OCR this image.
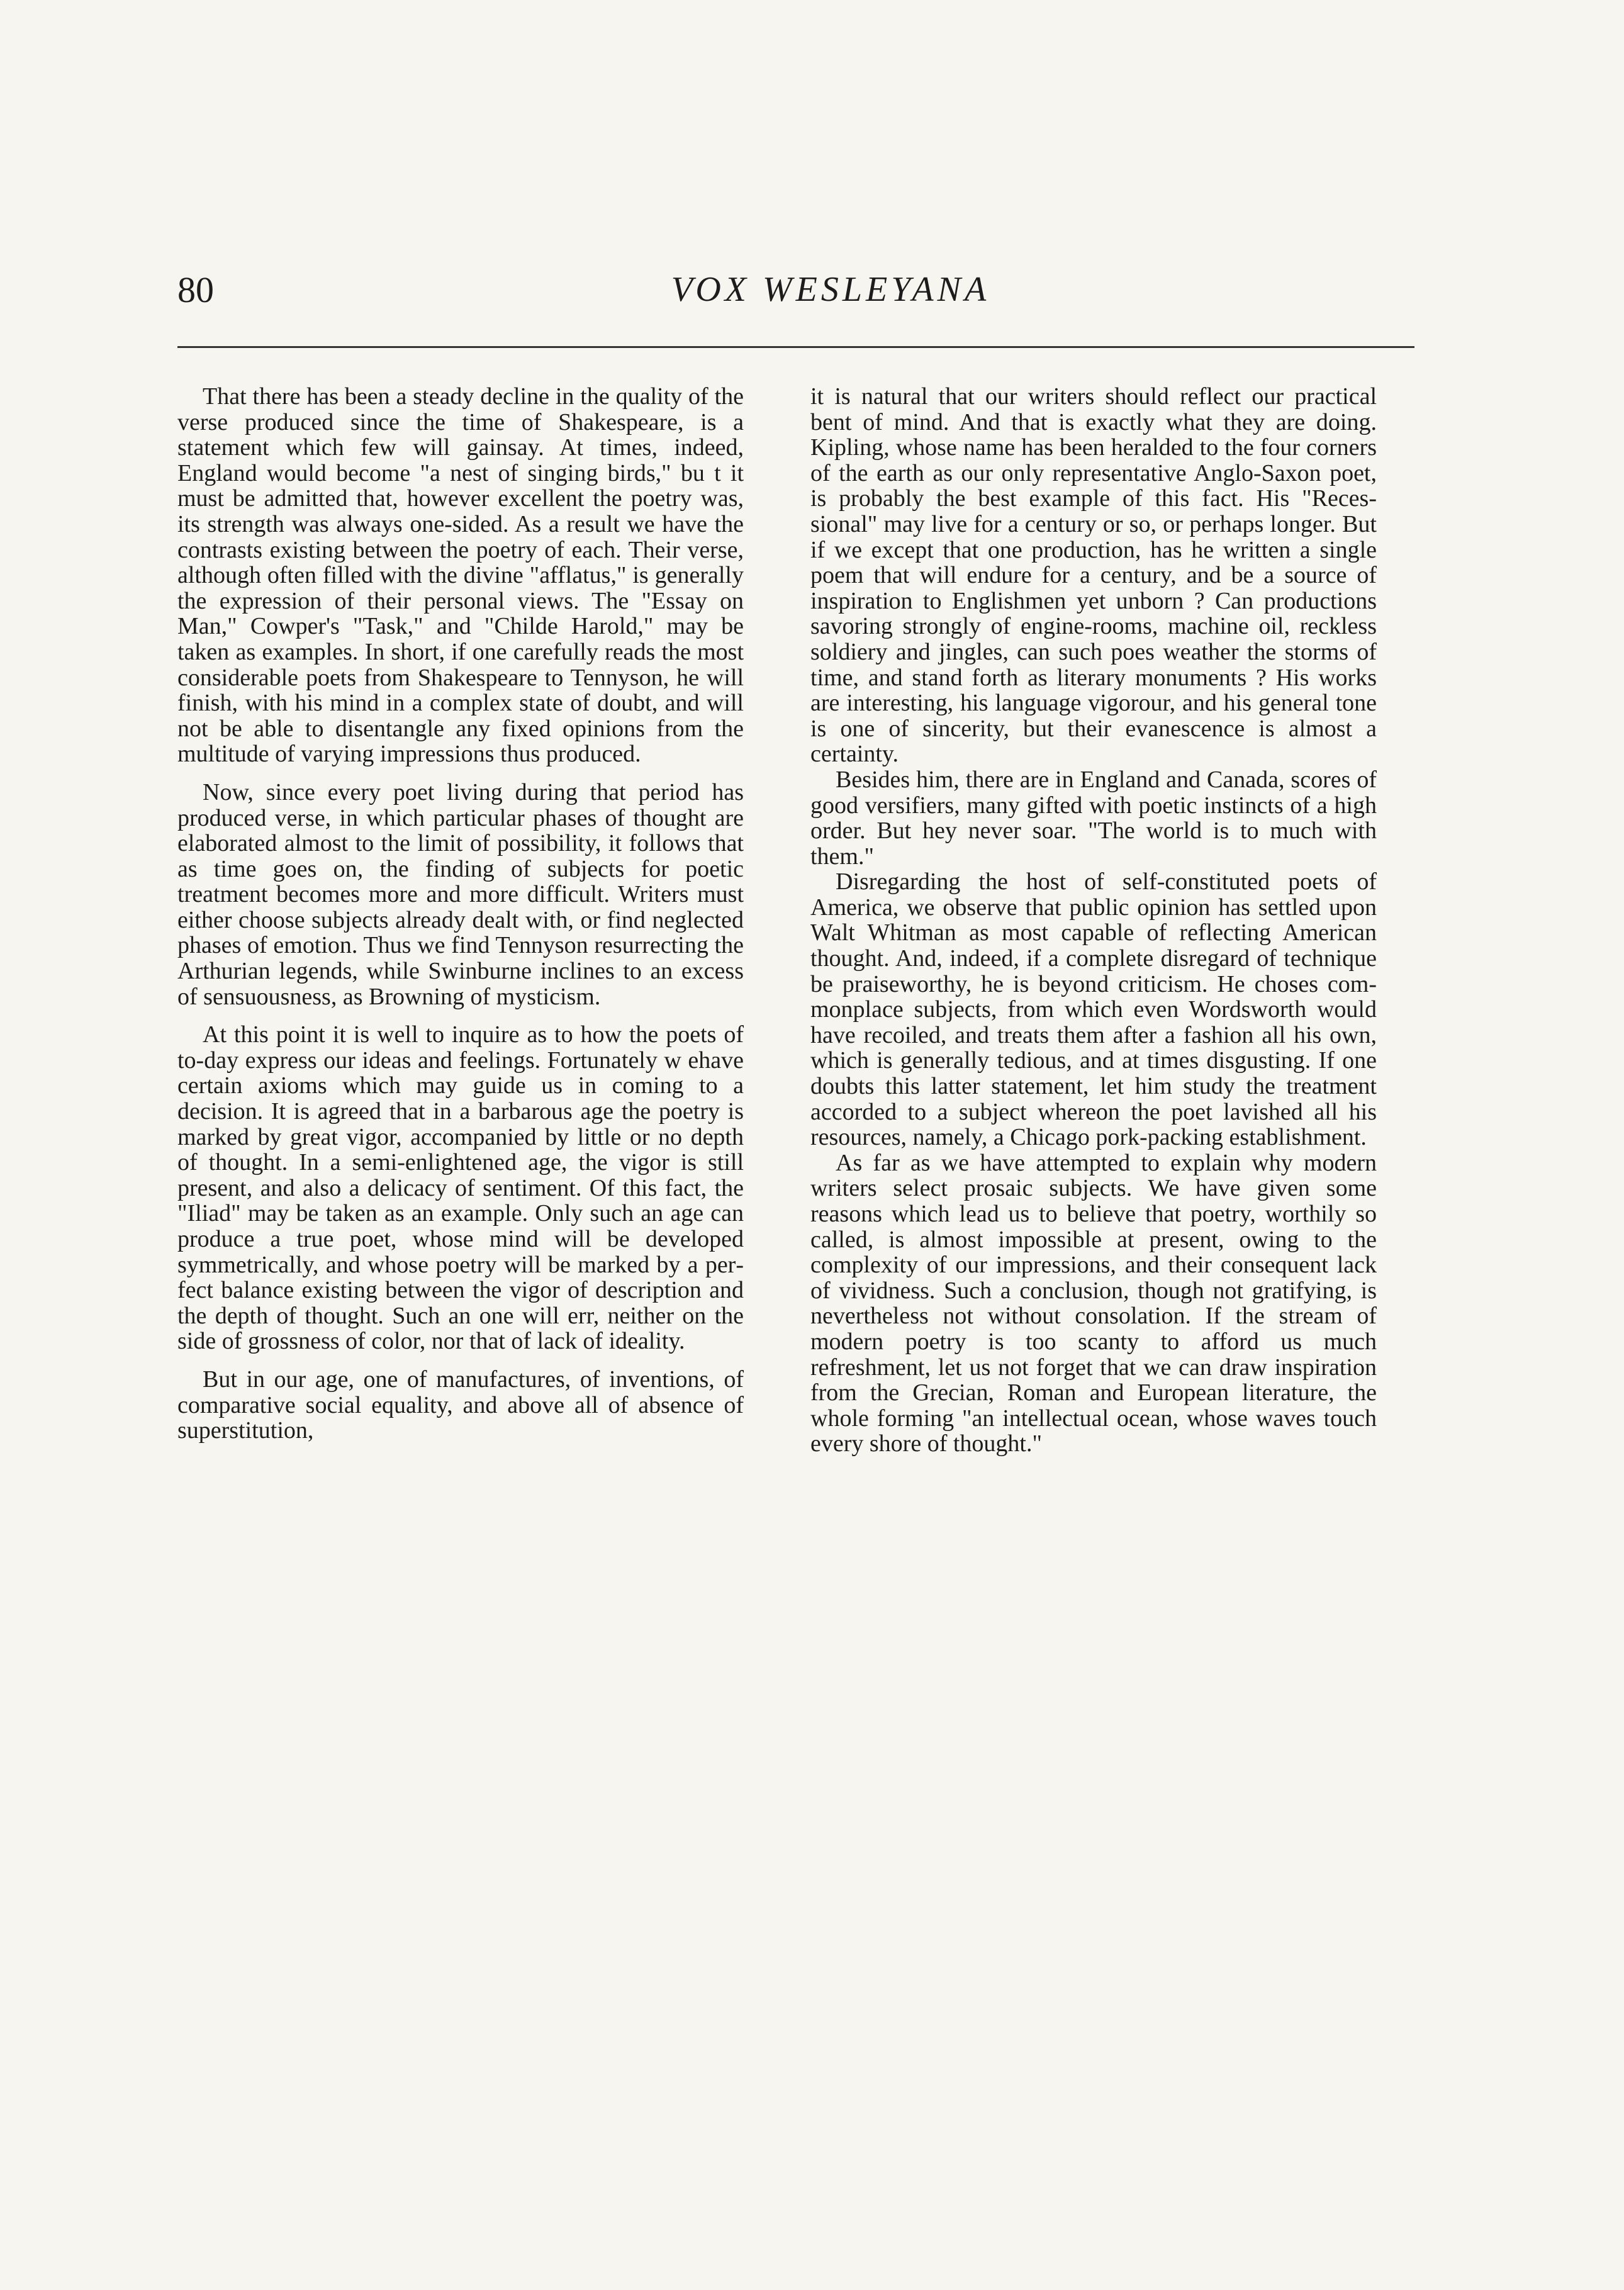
80	VOX WESLEYANA

That there has been a steady decline in the quality of the verse produced since the time of Shakespeare, is a statement which few will gainsay. At times, indeed, England would become "a nest of singing birds," bu t it must be admitted that, however excellent the poetry was, its strength was always one-sided. As a result we have the contrasts existing between the poetry of each. Their verse, although often filled with the divine "afflatus," is generally the expression of their personal views. The "Essay on Man," Cowper's "Task," and "Childe Harold," may be taken as examples. In short, if one carefully reads the most considerable poets from Shakespeare to Tennyson, he will finish, with his mind in a complex state of doubt, and will not be able to disentangle any fixed opinions from the multitude of varying impressions thus produced.

Now, since every poet living during that period has produced verse, in which particular phases of thought are elaborated almost to the limit of possibility, it follows that as time goes on, the finding of subjects for poetic treatment becomes more and more difficult. Writers must either choose subjects already dealt with, or find neglected phases of emotion. Thus we find Tennyson resurrecting the Arthurian legends, while Swinburne inclines to an excess of sensuousness, as Browning of mysticism.

At this point it is well to inquire as to how the poets of to-day express our ideas and feelings. Fortunately w ehave certain axioms which may guide us in coming to a decision. It is agreed that in a barbarous age the poetry is marked by great vigor, accompanied by little or no depth of thought. In a semi-enlightened age, the vigor is still present, and also a delicacy of sentiment. Of this fact, the "Iliad" may be taken as an example. Only such an age can produce a true poet, whose mind will be developed symmetrically, and whose poetry will be marked by a perfect balance existing between the vigor of description and the depth of thought. Such an one will err, neither on the side of grossness of color, nor that of lack of ideality.

But in our age, one of manufactures, of inventions, of comparative social equality, and above all of absence of superstitution,

it is natural that our writers should reflect our practical bent of mind. And that is exactly what they are doing. Kipling, whose name has been heralded to the four corners of the earth as our only representative Anglo-Saxon poet, is probably the best example of this fact. His "Recessional" may live for a century or so, or perhaps longer. But if we except that one production, has he written a single poem that will endure for a century, and be a source of inspiration to Englishmen yet unborn ? Can productions savoring strongly of engine-rooms, machine oil, reckless soldiery and jingles, can such poes weather the storms of time, and stand forth as literary monuments ? His works are interesting, his language vigorour, and his general tone is one of sincerity, but their evanescence is almost a certainty.

Besides him, there are in England and Canada, scores of good versifiers, many gifted with poetic instincts of a high order. But hey never soar. "The world is to much with them."

Disregarding the host of self-constituted poets of America, we observe that public opinion has settled upon Walt Whitman as most capable of reflecting American thought. And, indeed, if a complete disregard of technique be praiseworthy, he is beyond criticism. He choses commonplace subjects, from which even Wordsworth would have recoiled, and treats them after a fashion all his own, which is generally tedious, and at times disgusting. If one doubts this latter statement, let him study the treatment accorded to a subject whereon the poet lavished all his resources, namely, a Chicago pork-packing establishment.

As far as we have attempted to explain why modern writers select prosaic subjects. We have given some reasons which lead us to believe that poetry, worthily so called, is almost impossible at present, owing to the complexity of our impressions, and their consequent lack of vividness. Such a conclusion, though not gratifying, is nevertheless not without consolation. If the stream of modern poetry is too scanty to afford us much refreshment, let us not forget that we can draw inspiration from the Grecian, Roman and European literature, the whole forming "an intellectual ocean, whose waves touch every shore of thought."
